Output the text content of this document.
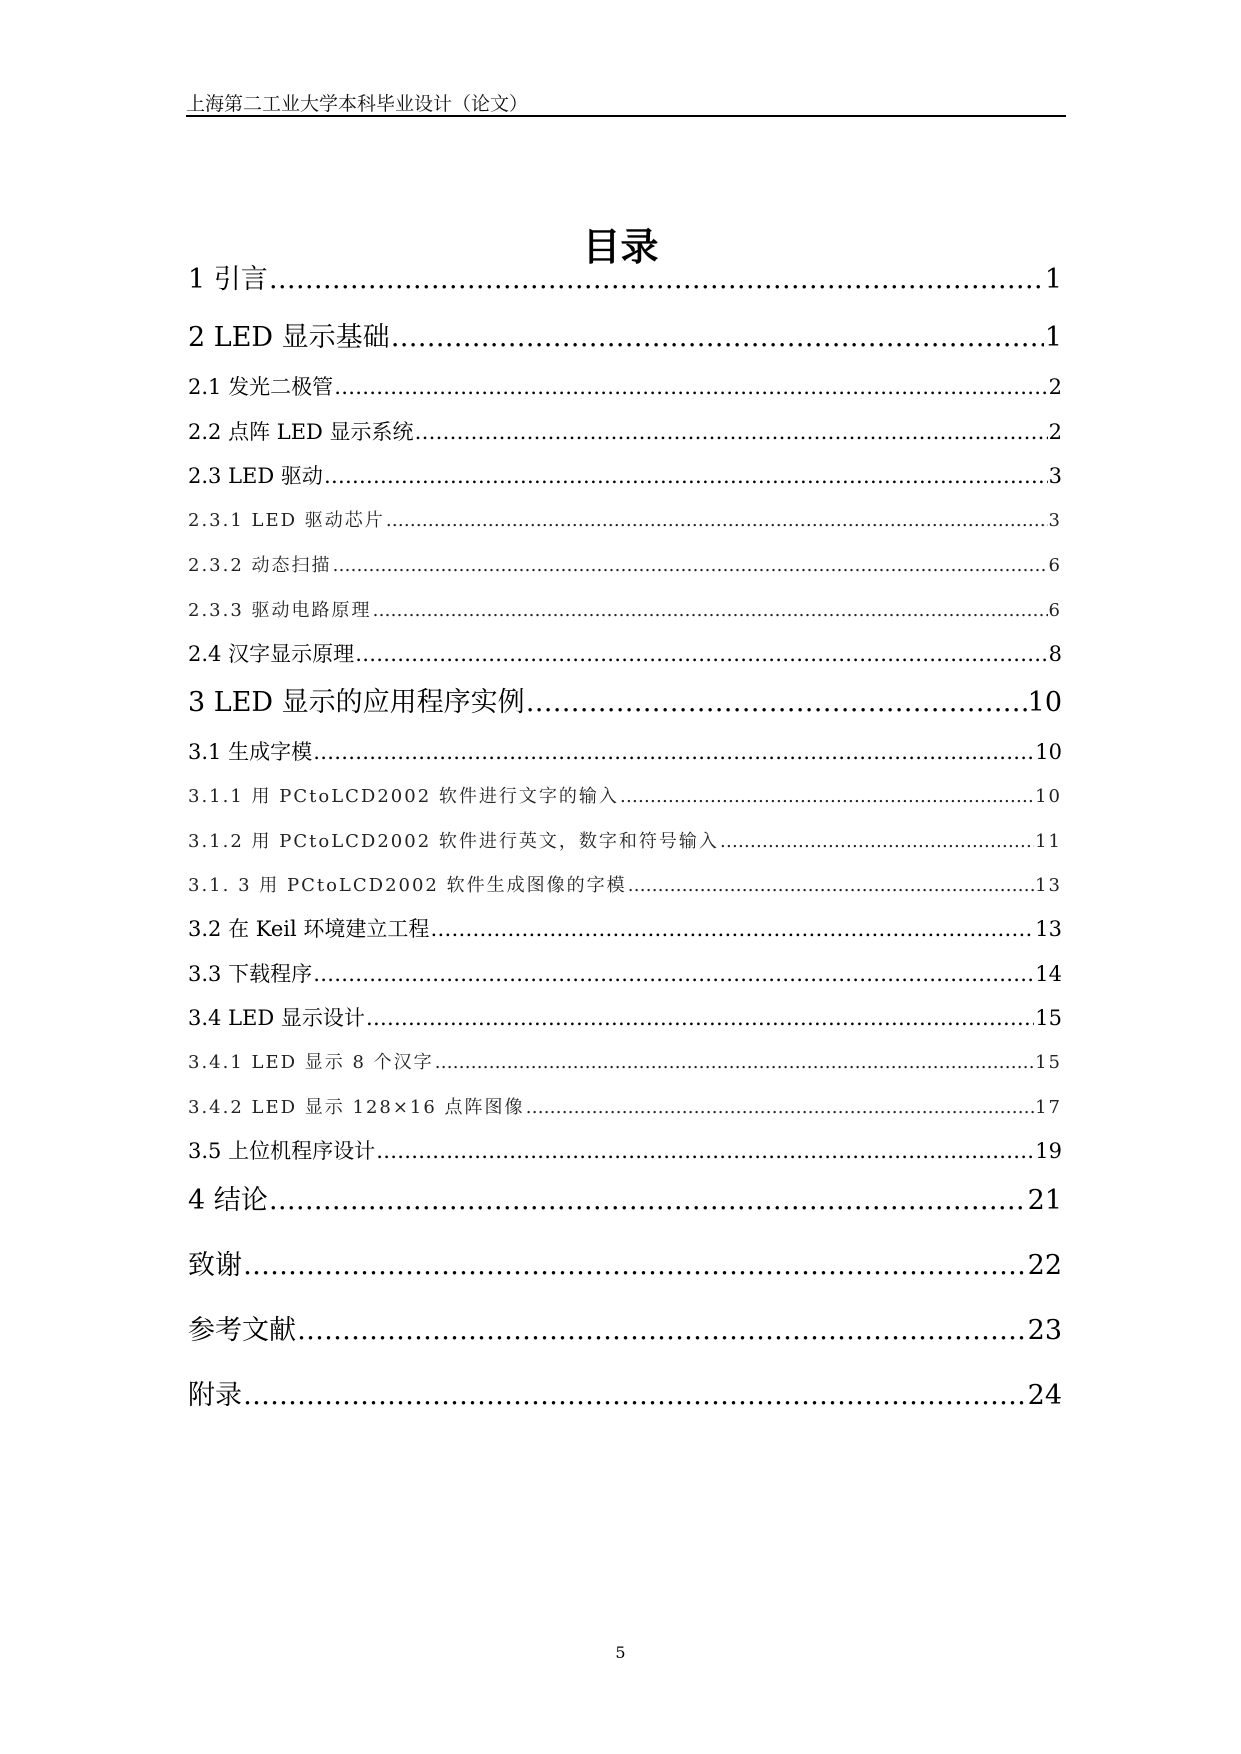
上海第二工业大学本科毕业设计（论文）
目录
1 引言 …………………………………………………………………………………………………………………………………………………………………………………………………………………………………………………………………	1
2 LED 显示基础 …………………………………………………………………………………………………………………………………………………………………………………………………………………………………………………………………	1
2.1 发光二极管 …………………………………………………………………………………………………………………………………………………………………………………………………………………………………………………………………	2
2.2 点阵 LED 显示系统 …………………………………………………………………………………………………………………………………………………………………………………………………………………………………………………………………	2
2.3 LED 驱动 …………………………………………………………………………………………………………………………………………………………………………………………………………………………………………………………………	3
2.3.1 LED 驱动芯片 …………………………………………………………………………………………………………………………………………………………………………………………………………………………………………………………………	3
2.3.2 动态扫描 …………………………………………………………………………………………………………………………………………………………………………………………………………………………………………………………………	6
2.3.3 驱动电路原理 …………………………………………………………………………………………………………………………………………………………………………………………………………………………………………………………………	6
2.4 汉字显示原理 …………………………………………………………………………………………………………………………………………………………………………………………………………………………………………………………………	8
3 LED 显示的应用程序实例 …………………………………………………………………………………………………………………………………………………………………………………………………………………………………………………………………	10
3.1 生成字模 …………………………………………………………………………………………………………………………………………………………………………………………………………………………………………………………………	10
3.1.1 用 PCtoLCD2002 软件进行文字的输入 …………………………………………………………………………………………………………………………………………………………………………………………………………………………………………………………………	10
3.1.2 用 PCtoLCD2002 软件进行英文，数字和符号输入 …………………………………………………………………………………………………………………………………………………………………………………………………………………………………………………………………	11
3.1. 3 用 PCtoLCD2002 软件生成图像的字模 …………………………………………………………………………………………………………………………………………………………………………………………………………………………………………………………………	13
3.2 在 Keil 环境建立工程 …………………………………………………………………………………………………………………………………………………………………………………………………………………………………………………………………	13
3.3 下载程序 …………………………………………………………………………………………………………………………………………………………………………………………………………………………………………………………………	14
3.4 LED 显示设计 …………………………………………………………………………………………………………………………………………………………………………………………………………………………………………………………………	15
3.4.1 LED 显示 8 个汉字 …………………………………………………………………………………………………………………………………………………………………………………………………………………………………………………………………	15
3.4.2 LED 显示 128×16 点阵图像 …………………………………………………………………………………………………………………………………………………………………………………………………………………………………………………………………	17
3.5 上位机程序设计 …………………………………………………………………………………………………………………………………………………………………………………………………………………………………………………………………	19
4 结论 …………………………………………………………………………………………………………………………………………………………………………………………………………………………………………………………………	21
致谢 …………………………………………………………………………………………………………………………………………………………………………………………………………………………………………………………………	22
参考文献 …………………………………………………………………………………………………………………………………………………………………………………………………………………………………………………………………	23
附录 …………………………………………………………………………………………………………………………………………………………………………………………………………………………………………………………………	24
5
